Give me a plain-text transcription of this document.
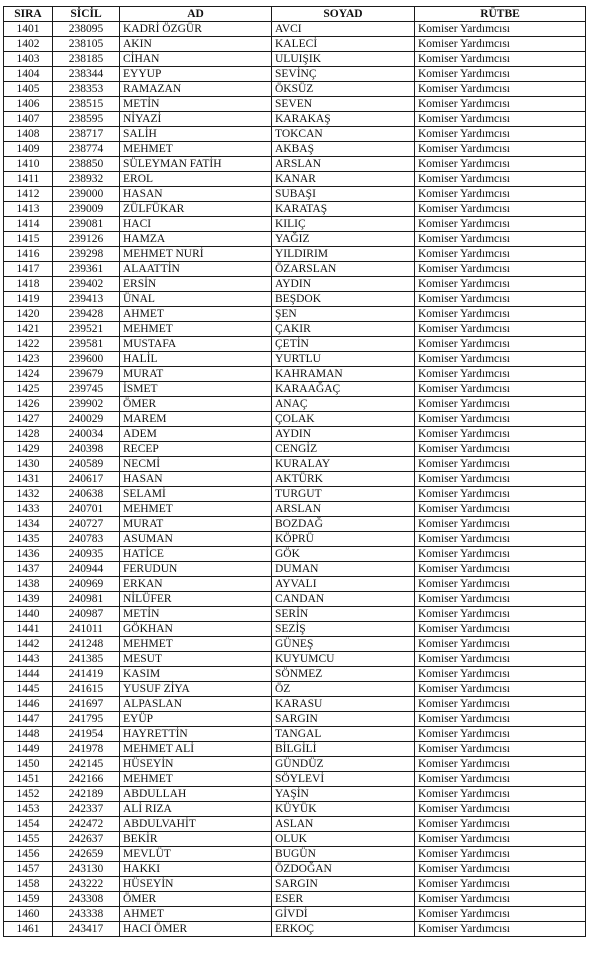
SIRA	SİCİL	AD	SOYAD	RÜTBE
1401	238095	KADRİ ÖZGÜR	AVCI	Komiser Yardımcısı
1402	238105	AKIN	KALECİ	Komiser Yardımcısı
1403	238185	CİHAN	ULUIŞIK	Komiser Yardımcısı
1404	238344	EYYUP	SEVİNÇ	Komiser Yardımcısı
1405	238353	RAMAZAN	ÖKSÜZ	Komiser Yardımcısı
1406	238515	METİN	SEVEN	Komiser Yardımcısı
1407	238595	NİYAZİ	KARAKAŞ	Komiser Yardımcısı
1408	238717	SALİH	TOKCAN	Komiser Yardımcısı
1409	238774	MEHMET	AKBAŞ	Komiser Yardımcısı
1410	238850	SÜLEYMAN FATİH	ARSLAN	Komiser Yardımcısı
1411	238932	EROL	KANAR	Komiser Yardımcısı
1412	239000	HASAN	SUBAŞI	Komiser Yardımcısı
1413	239009	ZÜLFÜKAR	KARATAŞ	Komiser Yardımcısı
1414	239081	HACI	KILIÇ	Komiser Yardımcısı
1415	239126	HAMZA	YAĞIZ	Komiser Yardımcısı
1416	239298	MEHMET NURİ	YILDIRIM	Komiser Yardımcısı
1417	239361	ALAATTİN	ÖZARSLAN	Komiser Yardımcısı
1418	239402	ERSİN	AYDIN	Komiser Yardımcısı
1419	239413	ÜNAL	BEŞDOK	Komiser Yardımcısı
1420	239428	AHMET	ŞEN	Komiser Yardımcısı
1421	239521	MEHMET	ÇAKIR	Komiser Yardımcısı
1422	239581	MUSTAFA	ÇETİN	Komiser Yardımcısı
1423	239600	HALİL	YURTLU	Komiser Yardımcısı
1424	239679	MURAT	KAHRAMAN	Komiser Yardımcısı
1425	239745	İSMET	KARAAĞAÇ	Komiser Yardımcısı
1426	239902	ÖMER	ANAÇ	Komiser Yardımcısı
1427	240029	MAREM	ÇOLAK	Komiser Yardımcısı
1428	240034	ADEM	AYDIN	Komiser Yardımcısı
1429	240398	RECEP	CENGİZ	Komiser Yardımcısı
1430	240589	NECMİ	KURALAY	Komiser Yardımcısı
1431	240617	HASAN	AKTÜRK	Komiser Yardımcısı
1432	240638	SELAMİ	TURGUT	Komiser Yardımcısı
1433	240701	MEHMET	ARSLAN	Komiser Yardımcısı
1434	240727	MURAT	BOZDAĞ	Komiser Yardımcısı
1435	240783	ASUMAN	KÖPRÜ	Komiser Yardımcısı
1436	240935	HATİCE	GÖK	Komiser Yardımcısı
1437	240944	FERUDUN	DUMAN	Komiser Yardımcısı
1438	240969	ERKAN	AYVALI	Komiser Yardımcısı
1439	240981	NİLÜFER	CANDAN	Komiser Yardımcısı
1440	240987	METİN	SERİN	Komiser Yardımcısı
1441	241011	GÖKHAN	SEZİŞ	Komiser Yardımcısı
1442	241248	MEHMET	GÜNEŞ	Komiser Yardımcısı
1443	241385	MESUT	KUYUMCU	Komiser Yardımcısı
1444	241419	KASIM	SÖNMEZ	Komiser Yardımcısı
1445	241615	YUSUF ZİYA	ÖZ	Komiser Yardımcısı
1446	241697	ALPASLAN	KARASU	Komiser Yardımcısı
1447	241795	EYÜP	SARGIN	Komiser Yardımcısı
1448	241954	HAYRETTİN	TANGAL	Komiser Yardımcısı
1449	241978	MEHMET ALİ	BİLGİLİ	Komiser Yardımcısı
1450	242145	HÜSEYİN	GÜNDÜZ	Komiser Yardımcısı
1451	242166	MEHMET	SÖYLEVİ	Komiser Yardımcısı
1452	242189	ABDULLAH	YAŞİN	Komiser Yardımcısı
1453	242337	ALİ RIZA	KÜYÜK	Komiser Yardımcısı
1454	242472	ABDULVAHİT	ASLAN	Komiser Yardımcısı
1455	242637	BEKİR	OLUK	Komiser Yardımcısı
1456	242659	MEVLÜT	BUGÜN	Komiser Yardımcısı
1457	243130	HAKKI	ÖZDOĞAN	Komiser Yardımcısı
1458	243222	HÜSEYİN	SARGIN	Komiser Yardımcısı
1459	243308	ÖMER	ESER	Komiser Yardımcısı
1460	243338	AHMET	GİVDİ	Komiser Yardımcısı
1461	243417	HACI ÖMER	ERKOÇ	Komiser Yardımcısı
